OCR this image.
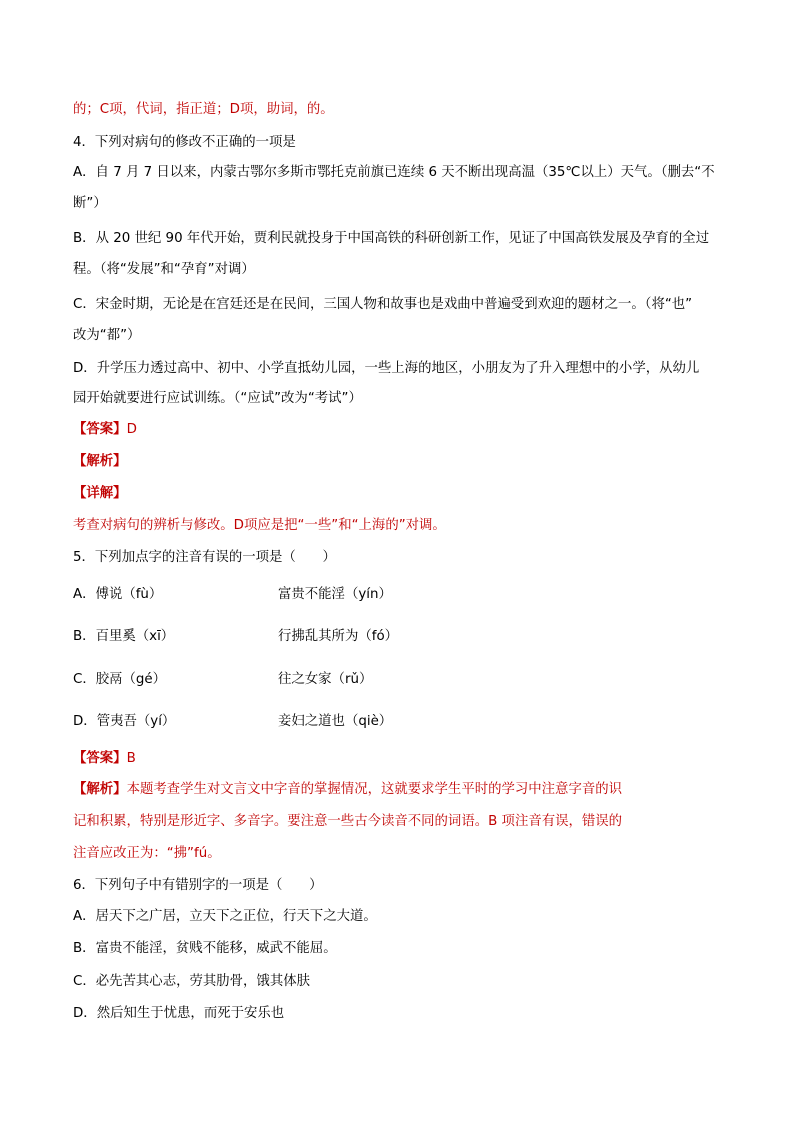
的；C项，代词，指正道；D项，助词，的。
4．下列对病句的修改不正确的一项是
A．自 7 月 7 日以来，内蒙古鄂尔多斯市鄂托克前旗已连续 6 天不断出现高温（35℃以上）天气。（删去“不
断”）
B．从 20 世纪 90 年代开始，贾利民就投身于中国高铁的科研创新工作，见证了中国高铁发展及孕育的全过
程。（将“发展”和“孕育”对调）
C．宋金时期，无论是在宫廷还是在民间，三国人物和故事也是戏曲中普遍受到欢迎的题材之一。（将“也”
改为“都”）
D．升学压力透过高中、初中、小学直抵幼儿园，一些上海的地区，小朋友为了升入理想中的小学，从幼儿
园开始就要进行应试训练。（“应试”改为“考试”）
【答案】D
【解析】
【详解】
考查对病句的辨析与修改。D项应是把“一些”和“上海的”对调。
5．下列加点字的注音有误的一项是（　　）
A．傅说（fù）	富贵不能淫（yín）
B．百里奚（xī）	行拂乱其所为（fó）
C．胶鬲（gé）	往之女家（rǔ）
D．管夷吾（yí）	妾妇之道也（qiè）
【答案】B
【解析】本题考查学生对文言文中字音的掌握情况，这就要求学生平时的学习中注意字音的识
记和积累，特别是形近字、多音字。要注意一些古今读音不同的词语。B 项注音有误，错误的
注音应改正为：“拂”fú。
6．下列句子中有错别字的一项是（　　）
A．居天下之广居，立天下之正位，行天下之大道。
B．富贵不能淫，贫贱不能移，威武不能屈。
C．必先苦其心志，劳其肋骨，饿其体肤
D．然后知生于忧患，而死于安乐也
